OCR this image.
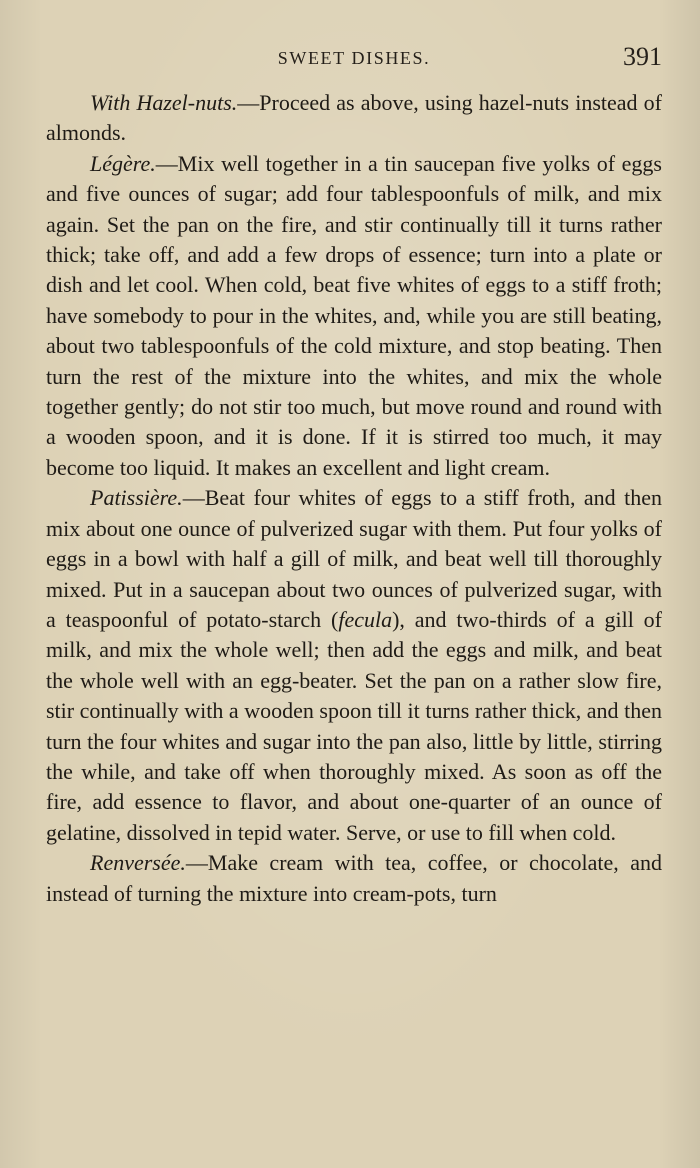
SWEET DISHES.	391

With Hazel-nuts.—Proceed as above, using hazel-nuts instead of almonds.

Légère.—Mix well together in a tin saucepan five yolks of eggs and five ounces of sugar; add four tablespoonfuls of milk, and mix again. Set the pan on the fire, and stir continually till it turns rather thick; take off, and add a few drops of essence; turn into a plate or dish and let cool. When cold, beat five whites of eggs to a stiff froth; have somebody to pour in the whites, and, while you are still beating, about two tablespoonfuls of the cold mixture, and stop beating. Then turn the rest of the mixture into the whites, and mix the whole together gently; do not stir too much, but move round and round with a wooden spoon, and it is done. If it is stirred too much, it may become too liquid. It makes an excellent and light cream.

Patissière.—Beat four whites of eggs to a stiff froth, and then mix about one ounce of pulverized sugar with them. Put four yolks of eggs in a bowl with half a gill of milk, and beat well till thoroughly mixed. Put in a saucepan about two ounces of pulverized sugar, with a teaspoonful of potato-starch (fecula), and two-thirds of a gill of milk, and mix the whole well; then add the eggs and milk, and beat the whole well with an egg-beater. Set the pan on a rather slow fire, stir continually with a wooden spoon till it turns rather thick, and then turn the four whites and sugar into the pan also, little by little, stirring the while, and take off when thoroughly mixed. As soon as off the fire, add essence to flavor, and about one-quarter of an ounce of gelatine, dissolved in tepid water. Serve, or use to fill when cold.

Renversée.—Make cream with tea, coffee, or chocolate, and instead of turning the mixture into cream-pots, turn
